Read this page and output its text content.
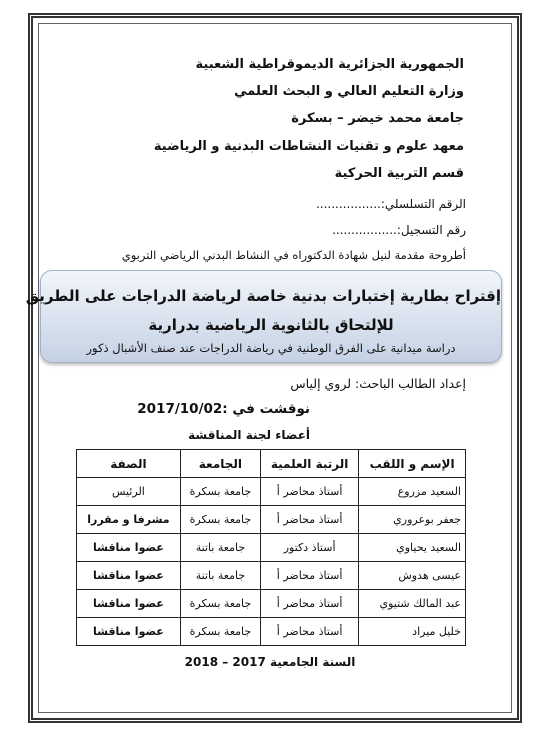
الجمهورية الجزائرية الديموقراطية الشعبية
وزارة التعليم العالي و البحث العلمي
جامعة محمد خيضر – بسكرة
معهد علوم و تقنيات النشاطات البدنية و الرياضية
قسم التربية الحركية
الرقم التسلسلي:.................
رقم التسجيل:.................
أطروحة مقدمة لنيل شهادة الدكتوراه في النشاط البدني الرياضي التربوي
إقتراح بطارية إختبارات بدنية خاصة لرياضة الدراجات على الطريق
للإلتحاق بالثانوية الرياضية بدرارية
دراسة ميدانية على الفرق الوطنية في رياضة الدراجات عند صنف الأشبال ذكور
إعداد الطالب الباحث: لروي إلياس
نوقشت في :2017/10/02
أعضاء لجنة المناقشة
الإسم و اللقب	الرتبة العلمية	الجامعة	الصفة
السعيد مزروع	أستاذ محاضر أ	جامعة بسكرة	الرئيس
جعفر بوعروري	أستاذ محاضر أ	جامعة بسكرة	مشرفا و مقررا
السعيد يحياوي	أستاذ دكتور	جامعة باتنة	عضوا مناقشا
عيسى هدوش	أستاذ محاضر أ	جامعة باتنة	عضوا مناقشا
عبد المالك شتيوي	أستاذ محاضر أ	جامعة بسكرة	عضوا مناقشا
خليل ميراد	أستاذ محاضر أ	جامعة بسكرة	عضوا مناقشا
السنة الجامعية 2017 – 2018
